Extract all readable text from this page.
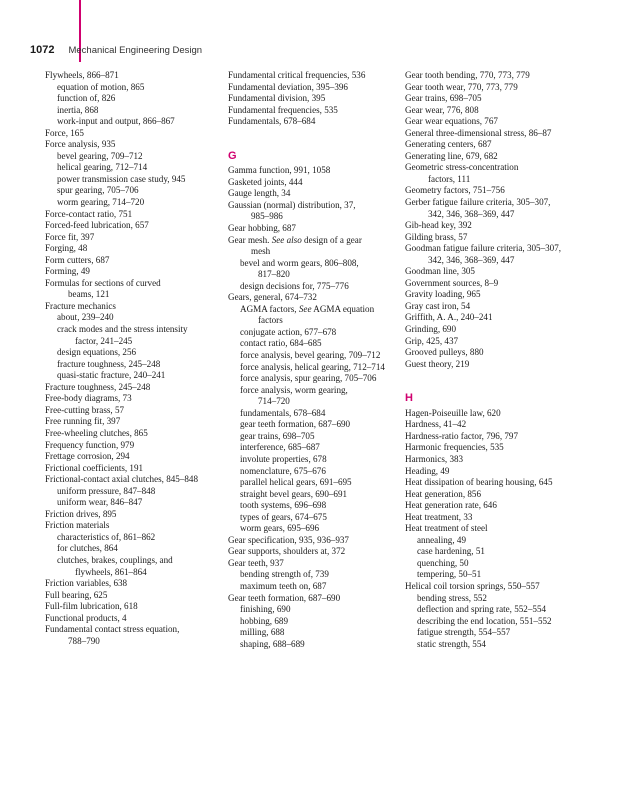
1072 Mechanical Engineering Design

Flywheels, 866–871

equation of motion, 865

function of, 826

inertia, 868

work-input and output, 866–867

Force, 165

Force analysis, 935

bevel gearing, 709–712

helical gearing, 712–714

power transmission case study, 945

spur gearing, 705–706

worm gearing, 714–720

Force-contact ratio, 751

Forced-feed lubrication, 657

Force fit, 397

Forging, 48

Form cutters, 687

Forming, 49

Formulas for sections of curved

beams, 121

Fracture mechanics

about, 239–240

crack modes and the stress intensity

factor, 241–245

design equations, 256

fracture toughness, 245–248

quasi-static fracture, 240–241

Fracture toughness, 245–248

Free-body diagrams, 73

Free-cutting brass, 57

Free running fit, 397

Free-wheeling clutches, 865

Frequency function, 979

Frettage corrosion, 294

Frictional coefficients, 191

Frictional-contact axial clutches, 845–848

uniform pressure, 847–848

uniform wear, 846–847

Friction drives, 895

Friction materials

characteristics of, 861–862

for clutches, 864

clutches, brakes, couplings, and

flywheels, 861–864

Friction variables, 638

Full bearing, 625

Full-film lubrication, 618

Functional products, 4

Fundamental contact stress equation,

788–790

Fundamental critical frequencies, 536

Fundamental deviation, 395–396

Fundamental division, 395

Fundamental frequencies, 535

Fundamentals, 678–684

G

Gamma function, 991, 1058

Gasketed joints, 444

Gauge length, 34

Gaussian (normal) distribution, 37,

985–986

Gear hobbing, 687

Gear mesh. See also design of a gear

mesh

bevel and worm gears, 806–808,

817–820

design decisions for, 775–776

Gears, general, 674–732

AGMA factors, See AGMA equation

factors

conjugate action, 677–678

contact ratio, 684–685

force analysis, bevel gearing, 709–712

force analysis, helical gearing, 712–714

force analysis, spur gearing, 705–706

force analysis, worm gearing,

714–720

fundamentals, 678–684

gear teeth formation, 687–690

gear trains, 698–705

interference, 685–687

involute properties, 678

nomenclature, 675–676

parallel helical gears, 691–695

straight bevel gears, 690–691

tooth systems, 696–698

types of gears, 674–675

worm gears, 695–696

Gear specification, 935, 936–937

Gear supports, shoulders at, 372

Gear teeth, 937

bending strength of, 739

maximum teeth on, 687

Gear teeth formation, 687–690

finishing, 690

hobbing, 689

milling, 688

shaping, 688–689

Gear tooth bending, 770, 773, 779

Gear tooth wear, 770, 773, 779

Gear trains, 698–705

Gear wear, 776, 808

Gear wear equations, 767

General three-dimensional stress, 86–87

Generating centers, 687

Generating line, 679, 682

Geometric stress-concentration

factors, 111

Geometry factors, 751–756

Gerber fatigue failure criteria, 305–307,

342, 346, 368–369, 447

Gib-head key, 392

Gilding brass, 57

Goodman fatigue failure criteria, 305–307,

342, 346, 368–369, 447

Goodman line, 305

Government sources, 8–9

Gravity loading, 965

Gray cast iron, 54

Griffith, A. A., 240–241

Grinding, 690

Grip, 425, 437

Grooved pulleys, 880

Guest theory, 219

H

Hagen-Poiseuille law, 620

Hardness, 41–42

Hardness-ratio factor, 796, 797

Harmonic frequencies, 535

Harmonics, 383

Heading, 49

Heat dissipation of bearing housing, 645

Heat generation, 856

Heat generation rate, 646

Heat treatment, 33

Heat treatment of steel

annealing, 49

case hardening, 51

quenching, 50

tempering, 50–51

Helical coil torsion springs, 550–557

bending stress, 552

deflection and spring rate, 552–554

describing the end location, 551–552

fatigue strength, 554–557

static strength, 554
